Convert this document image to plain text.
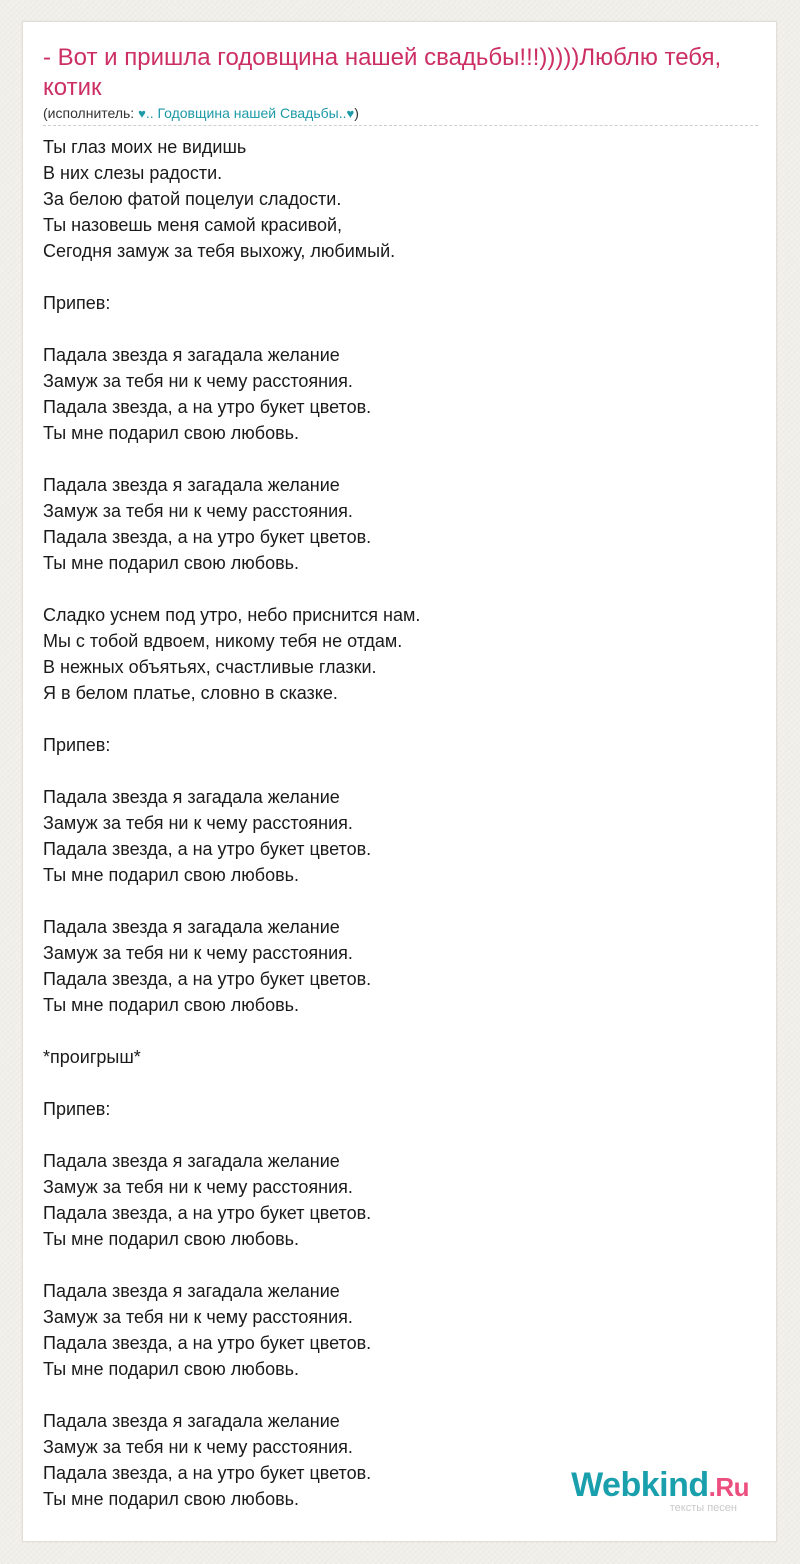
- Вот и пришла годовщина нашей свадьбы!!!)))))Люблю тебя, котик
(исполнитель: ♥.. Годовщина нашей Свадьбы..♥)
Ты глаз моих не видишь
В них слезы радости.
За белою фатой поцелуи сладости.
Ты назовешь меня самой красивой,
Сегодня замуж за тебя выхожу, любимый.
Припев:
Падала звезда я загадала желание
Замуж за тебя ни к чему расстояния.
Падала звезда, а на утро букет цветов.
Ты мне подарил свою любовь.
Падала звезда я загадала желание
Замуж за тебя ни к чему расстояния.
Падала звезда, а на утро букет цветов.
Ты мне подарил свою любовь.
Сладко уснем под утро, небо приснится нам.
Мы с тобой вдвоем, никому тебя не отдам.
В нежных объятьях, счастливые глазки.
Я в белом платье, словно в сказке.
Припев:
Падала звезда я загадала желание
Замуж за тебя ни к чему расстояния.
Падала звезда, а на утро букет цветов.
Ты мне подарил свою любовь.
Падала звезда я загадала желание
Замуж за тебя ни к чему расстояния.
Падала звезда, а на утро букет цветов.
Ты мне подарил свою любовь.
*проигрыш*
Припев:
Падала звезда я загадала желание
Замуж за тебя ни к чему расстояния.
Падала звезда, а на утро букет цветов.
Ты мне подарил свою любовь.
Падала звезда я загадала желание
Замуж за тебя ни к чему расстояния.
Падала звезда, а на утро букет цветов.
Ты мне подарил свою любовь.
Падала звезда я загадала желание
Замуж за тебя ни к чему расстояния.
Падала звезда, а на утро букет цветов.
Ты мне подарил свою любовь.	Webkind.Ru
тексты песен
